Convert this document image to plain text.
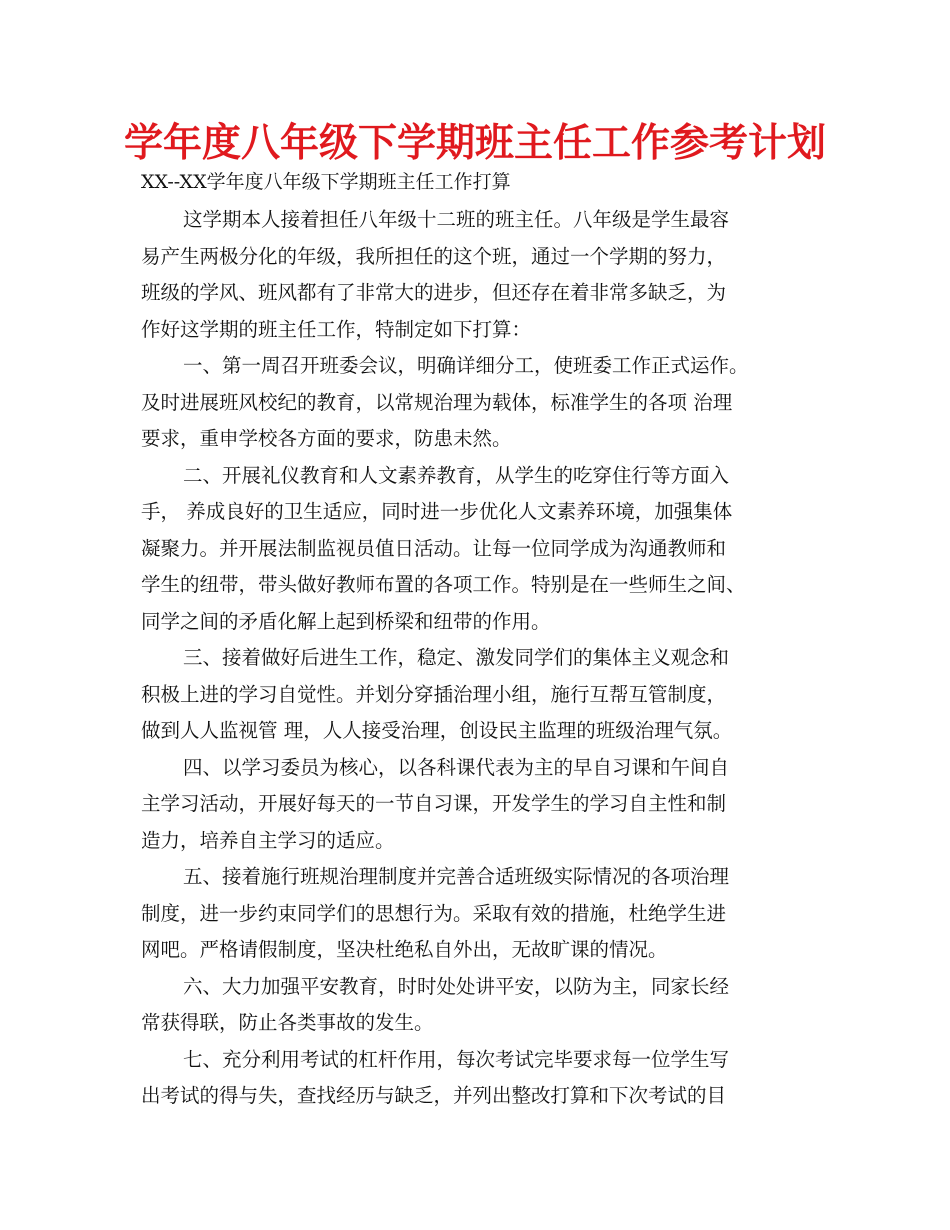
学年度八年级下学期班主任工作参考计划
XX--XX学年度八年级下学期班主任工作打算
这学期本人接着担任八年级十二班的班主任。八年级是学生最容
易产生两极分化的年级，我所担任的这个班，通过一个学期的努力，
班级的学风、班风都有了非常大的进步，但还存在着非常多缺乏，为
作好这学期的班主任工作，特制定如下打算：
一、第一周召开班委会议，明确详细分工，使班委工作正式运作。
及时进展班风校纪的教育，以常规治理为载体，标准学生的各项 治理
要求，重申学校各方面的要求，防患未然。
二、开展礼仪教育和人文素养教育，从学生的吃穿住行等方面入
手， 养成良好的卫生适应，同时进一步优化人文素养环境，加强集体
凝聚力。并开展法制监视员值日活动。让每一位同学成为沟通教师和
学生的纽带，带头做好教师布置的各项工作。特别是在一些师生之间、
同学之间的矛盾化解上起到桥梁和纽带的作用。
三、接着做好后进生工作，稳定、激发同学们的集体主义观念和
积极上进的学习自觉性。并划分穿插治理小组，施行互帮互管制度，
做到人人监视管 理，人人接受治理，创设民主监理的班级治理气氛。
四、以学习委员为核心，以各科课代表为主的早自习课和午间自
主学习活动，开展好每天的一节自习课，开发学生的学习自主性和制
造力，培养自主学习的适应。
五、接着施行班规治理制度并完善合适班级实际情况的各项治理
制度，进一步约束同学们的思想行为。采取有效的措施，杜绝学生进
网吧。严格请假制度，坚决杜绝私自外出，无故旷课的情况。
六、大力加强平安教育，时时处处讲平安，以防为主，同家长经
常获得联，防止各类事故的发生。
七、充分利用考试的杠杆作用，每次考试完毕要求每一位学生写
出考试的得与失，查找经历与缺乏，并列出整改打算和下次考试的目
